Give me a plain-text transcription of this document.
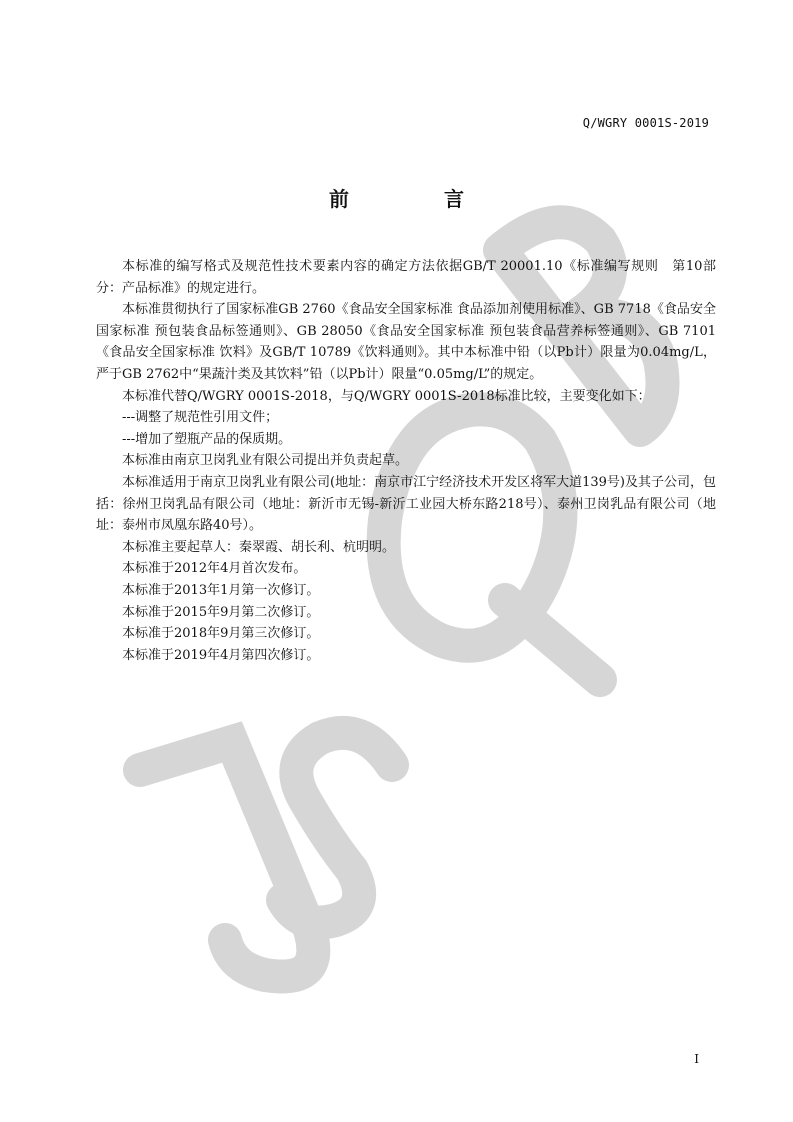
Q/WGRY 0001S-2019
前 言

本标准的编写格式及规范性技术要素内容的确定方法依据GB/T 20001.10《标准编写规则　第10部分：产品标准》的规定进行。

本标准贯彻执行了国家标准GB 2760《食品安全国家标准 食品添加剂使用标准》、GB 7718《食品安全国家标准 预包装食品标签通则》、GB 28050《食品安全国家标准 预包装食品营养标签通则》、GB 7101《食品安全国家标准 饮料》及GB/T 10789《饮料通则》。其中本标准中铅（以Pb计）限量为0.04mg/L，严于GB 2762中“果蔬汁类及其饮料”铅（以Pb计）限量“0.05mg/L”的规定。

本标准代替Q/WGRY 0001S-2018，与Q/WGRY 0001S-2018标准比较，主要变化如下：

---调整了规范性引用文件；

---增加了塑瓶产品的保质期。

本标准由南京卫岗乳业有限公司提出并负责起草。

本标准适用于南京卫岗乳业有限公司(地址：南京市江宁经济技术开发区将军大道139号)及其子公司，包括：徐州卫岗乳品有限公司（地址：新沂市无锡-新沂工业园大桥东路218号）、泰州卫岗乳品有限公司（地址：泰州市凤凰东路40号）。

本标准主要起草人：秦翠霞、胡长利、杭明明。

本标准于2012年4月首次发布。

本标准于2013年1月第一次修订。

本标准于2015年9月第二次修订。

本标准于2018年9月第三次修订。

本标准于2019年4月第四次修订。

I
